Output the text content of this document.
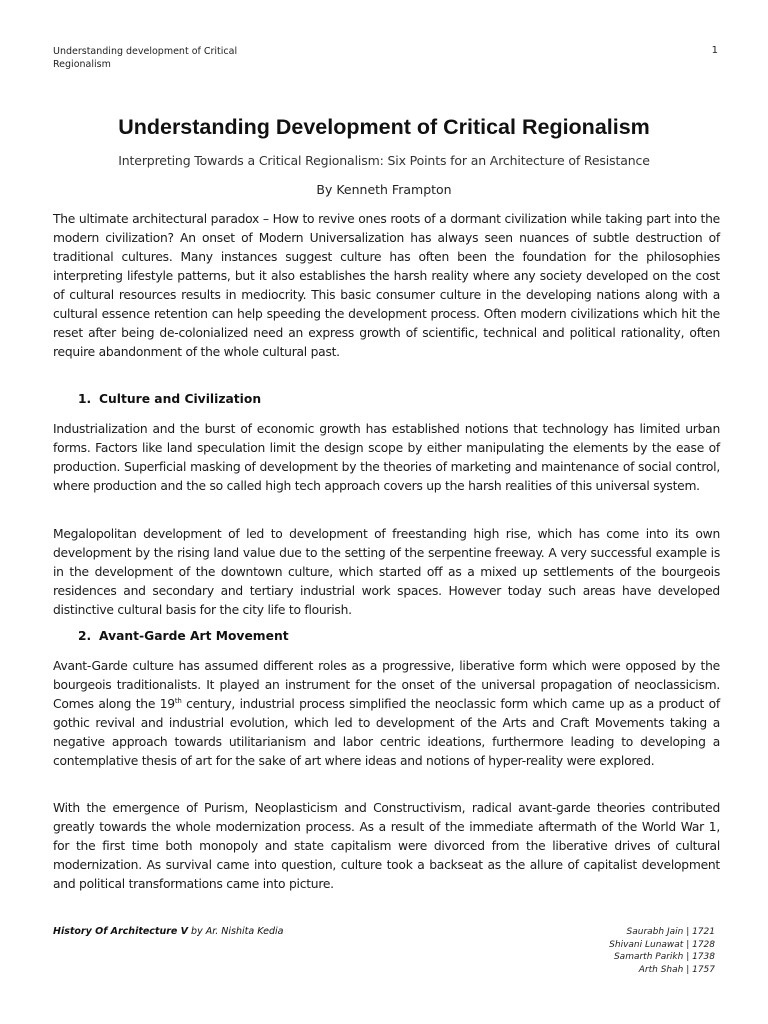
Understanding development of Critical Regionalism
1
Understanding Development of Critical Regionalism
Interpreting Towards a Critical Regionalism: Six Points for an Architecture of Resistance
By Kenneth Frampton

The ultimate architectural paradox – How to revive ones roots of a dormant civilization while taking part into the modern civilization? An onset of Modern Universalization has always seen nuances of subtle destruction of traditional cultures. Many instances suggest culture has often been the foundation for the philosophies interpreting lifestyle patterns, but it also establishes the harsh reality where any society developed on the cost of cultural resources results in mediocrity. This basic consumer culture in the developing nations along with a cultural essence retention can help speeding the development process. Often modern civilizations which hit the reset after being de-colonialized need an express growth of scientific, technical and political rationality, often require abandonment of the whole cultural past.

1. Culture and Civilization

Industrialization and the burst of economic growth has established notions that technology has limited urban forms. Factors like land speculation limit the design scope by either manipulating the elements by the ease of production. Superficial masking of development by the theories of marketing and maintenance of social control, where production and the so called high tech approach covers up the harsh realities of this universal system.

Megalopolitan development of led to development of freestanding high rise, which has come into its own development by the rising land value due to the setting of the serpentine freeway. A very successful example is in the development of the downtown culture, which started off as a mixed up settlements of the bourgeois residences and secondary and tertiary industrial work spaces. However today such areas have developed distinctive cultural basis for the city life to flourish.

2. Avant-Garde Art Movement

Avant-Garde culture has assumed different roles as a progressive, liberative form which were opposed by the bourgeois traditionalists. It played an instrument for the onset of the universal propagation of neoclassicism. Comes along the 19th century, industrial process simplified the neoclassic form which came up as a product of gothic revival and industrial evolution, which led to development of the Arts and Craft Movements taking a negative approach towards utilitarianism and labor centric ideations, furthermore leading to developing a contemplative thesis of art for the sake of art where ideas and notions of hyper-reality were explored.

With the emergence of Purism, Neoplasticism and Constructivism, radical avant-garde theories contributed greatly towards the whole modernization process. As a result of the immediate aftermath of the World War 1, for the first time both monopoly and state capitalism were divorced from the liberative drives of cultural modernization. As survival came into question, culture took a backseat as the allure of capitalist development and political transformations came into picture.

History Of Architecture V by Ar. Nishita Kedia	Saurabh Jain | 1721
Shivani Lunawat | 1728
Samarth Parikh | 1738
Arth Shah | 1757
